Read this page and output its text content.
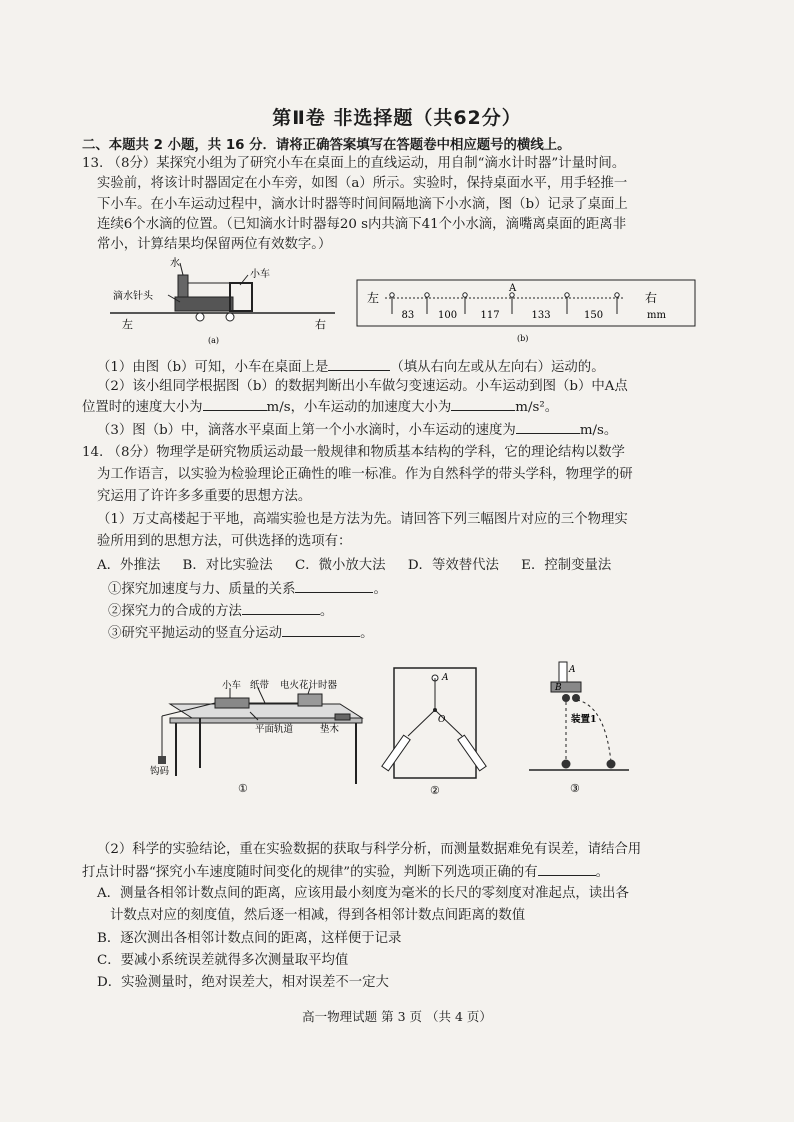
第Ⅱ卷 非选择题（共62分）
二、本题共 2 小题，共 16 分．请将正确答案填写在答题卷中相应题号的横线上。
13. （8分）某探究小组为了研究小车在桌面上的直线运动，用自制“滴水计时器”计量时间。
实验前，将该计时器固定在小车旁，如图（a）所示。实验时，保持桌面水平，用手轻推一
下小车。在小车运动过程中，滴水计时器等时间间隔地滴下小水滴，图（b）记录了桌面上
连续6个水滴的位置。（已知滴水计时器每20 s内共滴下41个小水滴，滴嘴离桌面的距离非
常小，计算结果均保留两位有效数字。）
水
小车
滴水针头
左	右
(a)
左	右
A
mm
83 100 117	133	150
(b)
（1）由图（b）可知，小车在桌面上是	（填从右向左或从左向右）运动的。
（2）该小组同学根据图（b）的数据判断出小车做匀变速运动。小车运动到图（b）中A点
位置时的速度大小为	m/s，小车运动的加速度大小为	m/s²。
（3）图（b）中，滴落水平桌面上第一个小水滴时，小车运动的速度为	m/s。
14. （8分）物理学是研究物质运动最一般规律和物质基本结构的学科，它的理论结构以数学
为工作语言，以实验为检验理论正确性的唯一标准。作为自然科学的带头学科，物理学的研
究运用了许许多多重要的思想方法。
（1）万丈高楼起于平地，高端实验也是方法为先。请回答下列三幅图片对应的三个物理实
验所用到的思想方法，可供选择的选项有：
A．外推法 B．对比实验法 C．微小放大法 D．等效替代法 E．控制变量法
①探究加速度与力、质量的关系	。
②探究力的合成的方法	。
③研究平抛运动的竖直分运动	。
小车 纸带 电火花计时器
平面轨道	垫木
钩码
①
A
O
②
A
B
装置1
③
（2）科学的实验结论，重在实验数据的获取与科学分析，而测量数据难免有误差，请结合用
打点计时器“探究小车速度随时间变化的规律”的实验，判断下列选项正确的有	。
A．测量各相邻计数点间的距离，应该用最小刻度为毫米的长尺的零刻度对准起点，读出各
计数点对应的刻度值，然后逐一相减，得到各相邻计数点间距离的数值
B．逐次测出各相邻计数点间的距离，这样便于记录
C．要减小系统误差就得多次测量取平均值
D．实验测量时，绝对误差大，相对误差不一定大
高一物理试题 第 3 页 （共 4 页）
